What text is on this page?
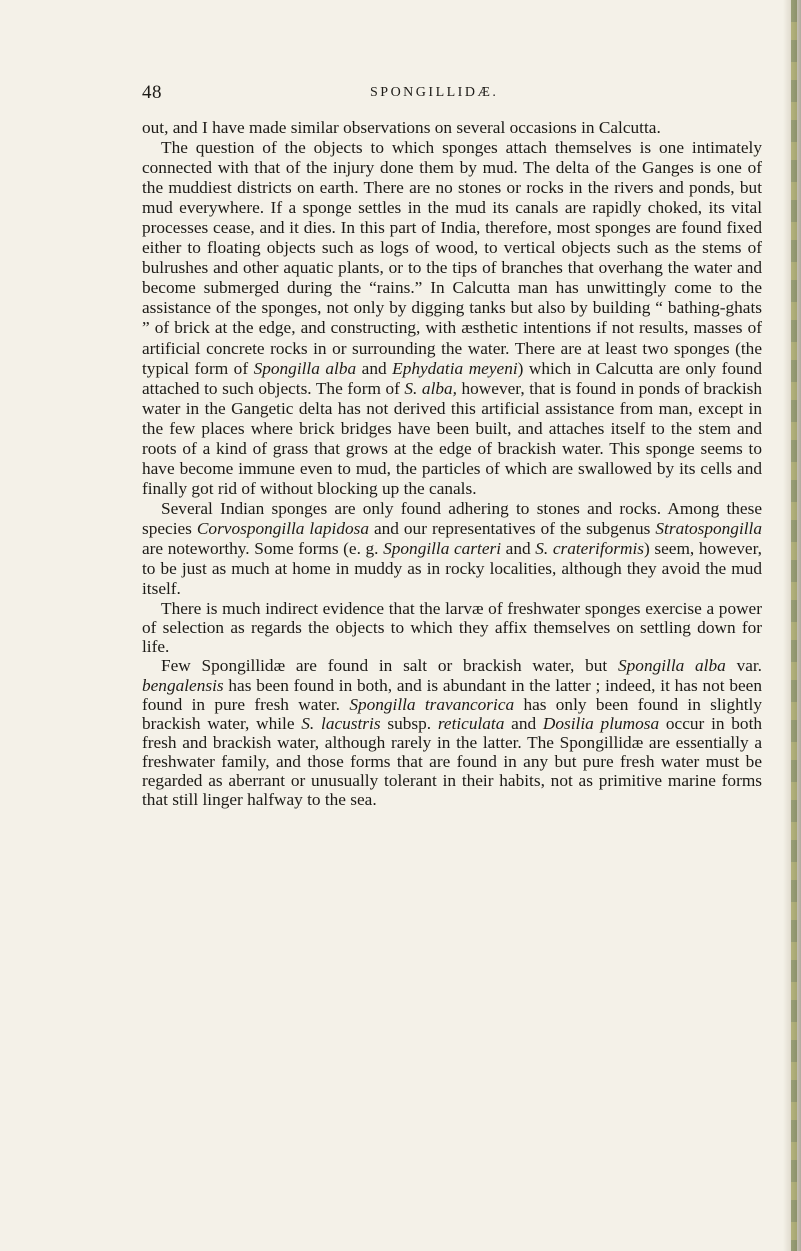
48	SPONGILLIDÆ.

out, and I have made similar observations on several occasions in Calcutta.

The question of the objects to which sponges attach themselves is one intimately connected with that of the injury done them by mud. The delta of the Ganges is one of the muddiest districts on earth. There are no stones or rocks in the rivers and ponds, but mud everywhere. If a sponge settles in the mud its canals are rapidly choked, its vital processes cease, and it dies. In this part of India, therefore, most sponges are found fixed either to floating objects such as logs of wood, to vertical objects such as the stems of bulrushes and other aquatic plants, or to the tips of branches that overhang the water and become submerged during the “rains.” In Calcutta man has unwittingly come to the assistance of the sponges, not only by digging tanks but also by building “ bathing-ghats ” of brick at the edge, and constructing, with æsthetic intentions if not results, masses of artificial concrete rocks in or surrounding the water. There are at least two sponges (the typical form of Spongilla alba and Ephydatia meyeni) which in Calcutta are only found attached to such objects. The form of S. alba, however, that is found in ponds of brackish water in the Gangetic delta has not derived this artificial assistance from man, except in the few places where brick bridges have been built, and attaches itself to the stem and roots of a kind of grass that grows at the edge of brackish water. This sponge seems to have become immune even to mud, the particles of which are swallowed by its cells and finally got rid of without blocking up the canals.

Several Indian sponges are only found adhering to stones and rocks. Among these species Corvospongilla lapidosa and our representatives of the subgenus Stratospongilla are noteworthy. Some forms (e. g. Spongilla carteri and S. crateriformis) seem, however, to be just as much at home in muddy as in rocky localities, although they avoid the mud itself.

There is much indirect evidence that the larvæ of freshwater sponges exercise a power of selection as regards the objects to which they affix themselves on settling down for life.

Few Spongillidæ are found in salt or brackish water, but Spongilla alba var. bengalensis has been found in both, and is abundant in the latter ; indeed, it has not been found in pure fresh water. Spongilla travancorica has only been found in slightly brackish water, while S. lacustris subsp. reticulata and Dosilia plumosa occur in both fresh and brackish water, although rarely in the latter. The Spongillidæ are essentially a freshwater family, and those forms that are found in any but pure fresh water must be regarded as aberrant or unusually tolerant in their habits, not as primitive marine forms that still linger halfway to the sea.
